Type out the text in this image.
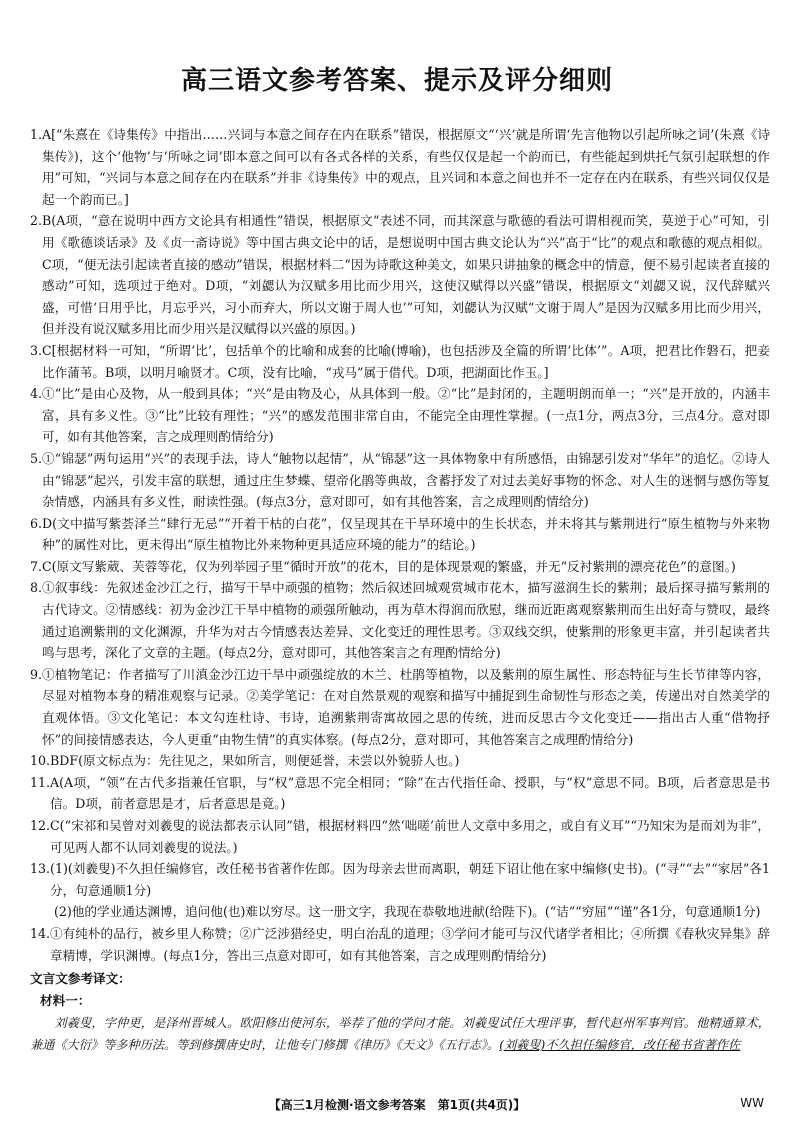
高三语文参考答案、提示及评分细则
1. A[“朱熹在《诗集传》中指出……兴词与本意之间存在内在联系”错误，根据原文“‘兴’就是所谓‘先言他物以引起所咏之词’(朱熹《诗集传》)，这个‘他物’与‘所咏之词’即本意之间可以有各式各样的关系，有些仅仅是起一个韵而已，有些能起到烘托气氛引起联想的作用”可知，“兴词与本意之间存在内在联系”并非《诗集传》中的观点，且兴词和本意之间也并不一定存在内在联系，有些兴词仅仅是起一个韵而已。]
2. B(A项，“意在说明中西方文论具有相通性”错误，根据原文“表述不同，而其深意与歌德的看法可谓相视而笑，莫逆于心”可知，引用《歌德谈话录》及《贞一斋诗说》等中国古典文论中的话，是想说明中国古典文论认为“兴”高于“比”的观点和歌德的观点相似。C项，“便无法引起读者直接的感动”错误，根据材料二“因为诗歌这种美文，如果只讲抽象的概念中的情意，便不易引起读者直接的感动”可知，选项过于绝对。D项，“刘勰认为汉赋多用比而少用兴，这使汉赋得以兴盛”错误，根据原文“刘勰又说，汉代辞赋兴盛，可惜‘日用乎比，月忘乎兴，习小而弃大，所以文谢于周人也’”可知，刘勰认为汉赋“文谢于周人”是因为汉赋多用比而少用兴，但并没有说汉赋多用比而少用兴是汉赋得以兴盛的原因。)
3. C[根据材料一可知，“所谓‘比’，包括单个的比喻和成套的比喻(博喻)，也包括涉及全篇的所谓‘比体’”。A项，把君比作磐石，把妾比作蒲苇。B项，以明月喻贤才。C项，没有比喻，“戎马”属于借代。D项，把湖面比作玉。]
4. ①“比”是由心及物，从一般到具体；“兴”是由物及心，从具体到一般。②“比”是封闭的，主题明朗而单一；“兴”是开放的，内涵丰富，具有多义性。③“比”比较有理性；“兴”的感发范围非常自由，不能完全由理性掌握。(一点1分，两点3分，三点4分。意对即可，如有其他答案，言之成理则酌情给分)
5. ①“锦瑟”两句运用“兴”的表现手法，诗人“触物以起情”，从“锦瑟”这一具体物象中有所感悟，由锦瑟引发对“华年”的追忆。②诗人由“锦瑟”起兴，引发丰富的联想，通过庄生梦蝶、望帝化鹃等典故，含蓄抒发了对过去美好事物的怀念、对人生的迷惘与感伤等复杂情感，内涵具有多义性，耐读性强。(每点3分，意对即可，如有其他答案，言之成理则酌情给分)
6. D(文中描写紫荟泽兰“肆行无忌”“开着干枯的白花”，仅呈现其在干旱环境中的生长状态，并未将其与紫荆进行“原生植物与外来物种”的属性对比，更未得出“原生植物比外来物种更具适应环境的能力”的结论。)
7. C(原文写紫葳、芙蓉等花，仅为列举园子里“循时开放”的花木，目的是体现景观的繁盛，并无“反衬紫荆的漂亮花色”的意图。)
8. ①叙事线：先叙述金沙江之行，描写干旱中顽强的植物；然后叙述回城观赏城市花木，描写滋润生长的紫荆；最后探寻描写紫荆的古代诗文。②情感线：初为金沙江干旱中植物的顽强所触动，再为草木得润而欣慰，继而近距离观察紫荆而生出好奇与赞叹，最终通过追溯紫荆的文化渊源，升华为对古今情感表达差异、文化变迁的理性思考。③双线交织，使紫荆的形象更丰富，并引起读者共鸣与思考，深化了文章的主题。(每点2分，意对即可，其他答案言之有理酌情给分)
9. ①植物笔记：作者描写了川滇金沙江边干旱中顽强绽放的木兰、杜鹃等植物，以及紫荆的原生属性、形态特征与生长节律等内容，尽显对植物本身的精准观察与记录。②美学笔记：在对自然景观的观察和描写中捕捉到生命韧性与形态之美，传递出对自然美学的直观体悟。③文化笔记：本文勾连杜诗、韦诗，追溯紫荆寄寓故园之思的传统，进而反思古今文化变迁——指出古人重“借物抒怀”的间接情感表达，今人更重“由物生情”的真实体察。(每点2分，意对即可，其他答案言之成理酌情给分)
10. BDF(原文标点为：先往见之，果如所言，则便延誉，未尝以外貌骄人也。)
11. A(A项，“领”在古代多指兼任官职，与“权”意思不完全相同；“除”在古代指任命、授职，与“权”意思不同。B项，后者意思是书信。D项，前者意思是才，后者意思是竟。)
12. C(“宋祁和吴曾对刘羲叟的说法都表示认同”错，根据材料四“然‘咄嗟’前世人文章中多用之，或自有义耳”“乃知宋为是而刘为非”，可见两人都不认同刘羲叟的说法。)
13. (1)(刘羲叟)不久担任编修官，改任秘书省著作佐郎。因为母亲去世而离职，朝廷下诏让他在家中编修(史书)。(“寻”“去”“家居”各1分，句意通顺1分)
(2)他的学业通达渊博，追问他(也)难以穷尽。这一册文字，我现在恭敬地进献(给陛下)。(“诘”“穷屈”“谨”各1分，句意通顺1分)
14. ①有纯朴的品行，被乡里人称赞；②广泛涉猎经史，明白治乱的道理；③学问才能可与汉代诸学者相比；④所撰《春秋灾异集》辞章精博，学识渊博。(每点1分，答出三点意对即可，如有其他答案，言之成理则酌情给分)
文言文参考译文：
材料一：
刘羲叟，字仲更，是泽州晋城人。欧阳修出使河东，举荐了他的学问才能。刘羲叟试任大理评事，暂代赵州军事判官。他精通算术，兼通《大衍》等多种历法。等到修撰唐史时，让他专门修撰《律历》《天文》《五行志》。(刘羲叟)不久担任编修官，改任秘书省著作佐
【高三1月检测·语文参考答案　第1页(共4页)】	WW
